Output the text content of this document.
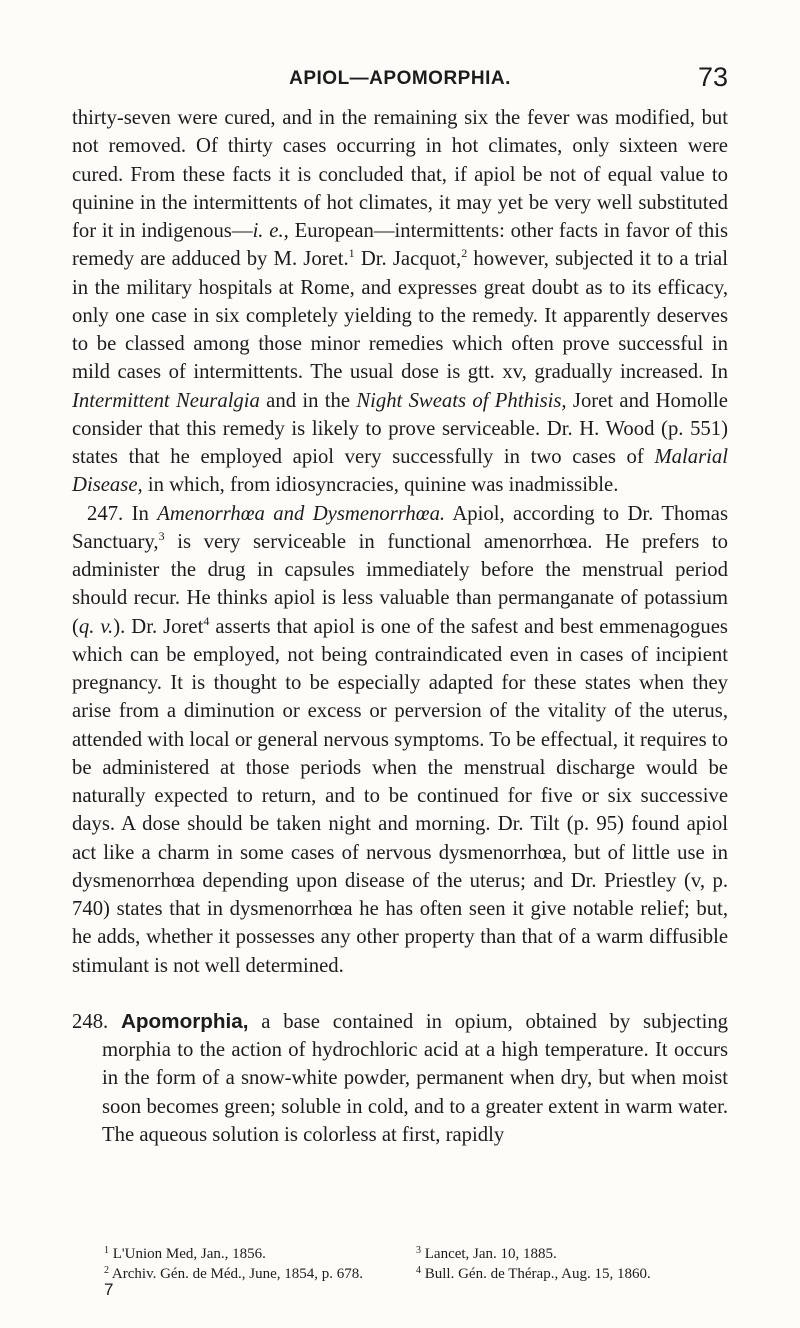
APIOL—APOMORPHIA.	73

thirty-seven were cured, and in the remaining six the fever was modified, but not removed. Of thirty cases occurring in hot climates, only sixteen were cured. From these facts it is concluded that, if apiol be not of equal value to quinine in the intermittents of hot climates, it may yet be very well substituted for it in indigenous—i. e., European—intermittents: other facts in favor of this remedy are adduced by M. Joret.$^1$ Dr. Jacquot,$^2$ however, subjected it to a trial in the military hospitals at Rome, and expresses great doubt as to its efficacy, only one case in six completely yielding to the remedy. It apparently deserves to be classed among those minor remedies which often prove successful in mild cases of intermittents. The usual dose is gtt. xv, gradually increased. In Intermittent Neuralgia and in the Night Sweats of Phthisis, Joret and Homolle consider that this remedy is likely to prove serviceable. Dr. H. Wood (p. 551) states that he employed apiol very successfully in two cases of Malarial Disease, in which, from idiosyncracies, quinine was inadmissible.

247. In Amenorrhœa and Dysmenorrhœa. Apiol, according to Dr. Thomas Sanctuary,$^3$ is very serviceable in functional amenorrhœa. He prefers to administer the drug in capsules immediately before the menstrual period should recur. He thinks apiol is less valuable than permanganate of potassium (q. v.). Dr. Joret$^4$ asserts that apiol is one of the safest and best emmenagogues which can be employed, not being contraindicated even in cases of incipient pregnancy. It is thought to be especially adapted for these states when they arise from a diminution or excess or perversion of the vitality of the uterus, attended with local or general nervous symptoms. To be effectual, it requires to be administered at those periods when the menstrual discharge would be naturally expected to return, and to be continued for five or six successive days. A dose should be taken night and morning. Dr. Tilt (p. 95) found apiol act like a charm in some cases of nervous dysmenorrhœa, but of little use in dysmenorrhœa depending upon disease of the uterus; and Dr. Priestley (v, p. 740) states that in dysmenorrhœa he has often seen it give notable relief; but, he adds, whether it possesses any other property than that of a warm diffusible stimulant is not well determined.

248. Apomorphia, a base contained in opium, obtained by subjecting morphia to the action of hydrochloric acid at a high temperature. It occurs in the form of a snow-white powder, permanent when dry, but when moist soon becomes green; soluble in cold, and to a greater extent in warm water. The aqueous solution is colorless at first, rapidly

$^1$ L'Union Med, Jan., 1856.	$^3$ Lancet, Jan. 10, 1885.
$^2$ Archiv. Gén. de Méd., June, 1854, p. 678.	$^4$ Bull. Gén. de Thérap., Aug. 15, 1860.
7
